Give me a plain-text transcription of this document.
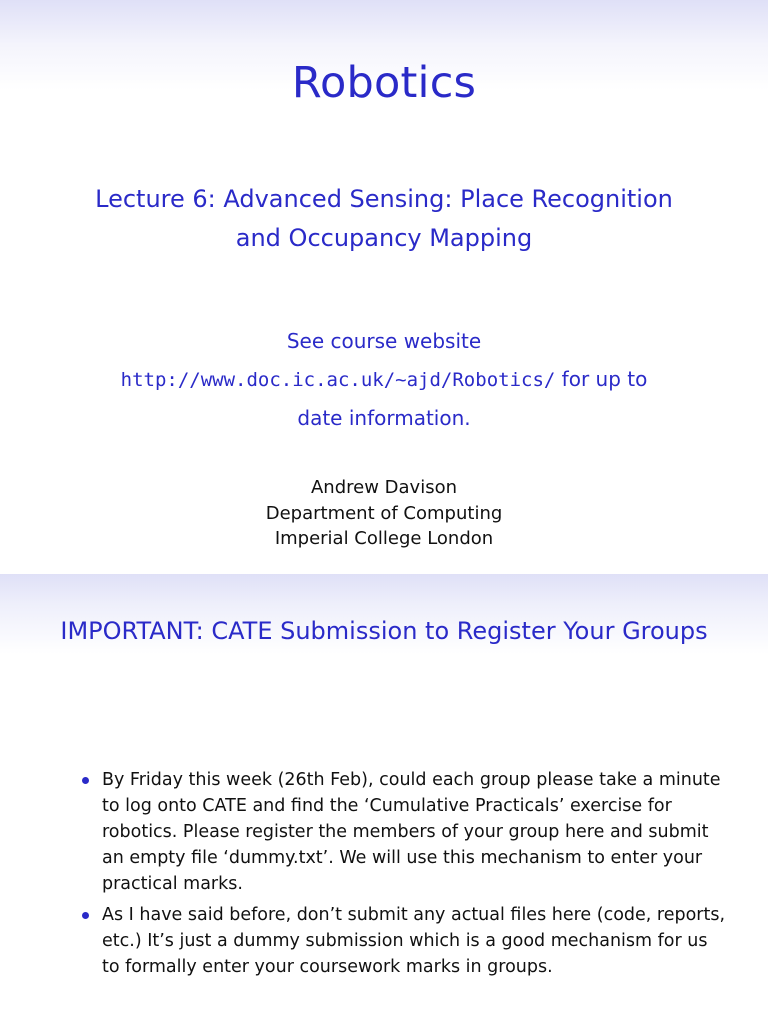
Robotics
Lecture 6: Advanced Sensing: Place Recognition
and Occupancy Mapping
See course website
http://www.doc.ic.ac.uk/~ajd/Robotics/ for up to
date information.
Andrew Davison
Department of Computing
Imperial College London
IMPORTANT: CATE Submission to Register Your Groups
By Friday this week (26th Feb), could each group please take a minute to log onto CATE and find the ‘Cumulative Practicals’ exercise for robotics. Please register the members of your group here and submit an empty file ‘dummy.txt’. We will use this mechanism to enter your practical marks.
As I have said before, don’t submit any actual files here (code, reports, etc.) It’s just a dummy submission which is a good mechanism for us to formally enter your coursework marks in groups.
